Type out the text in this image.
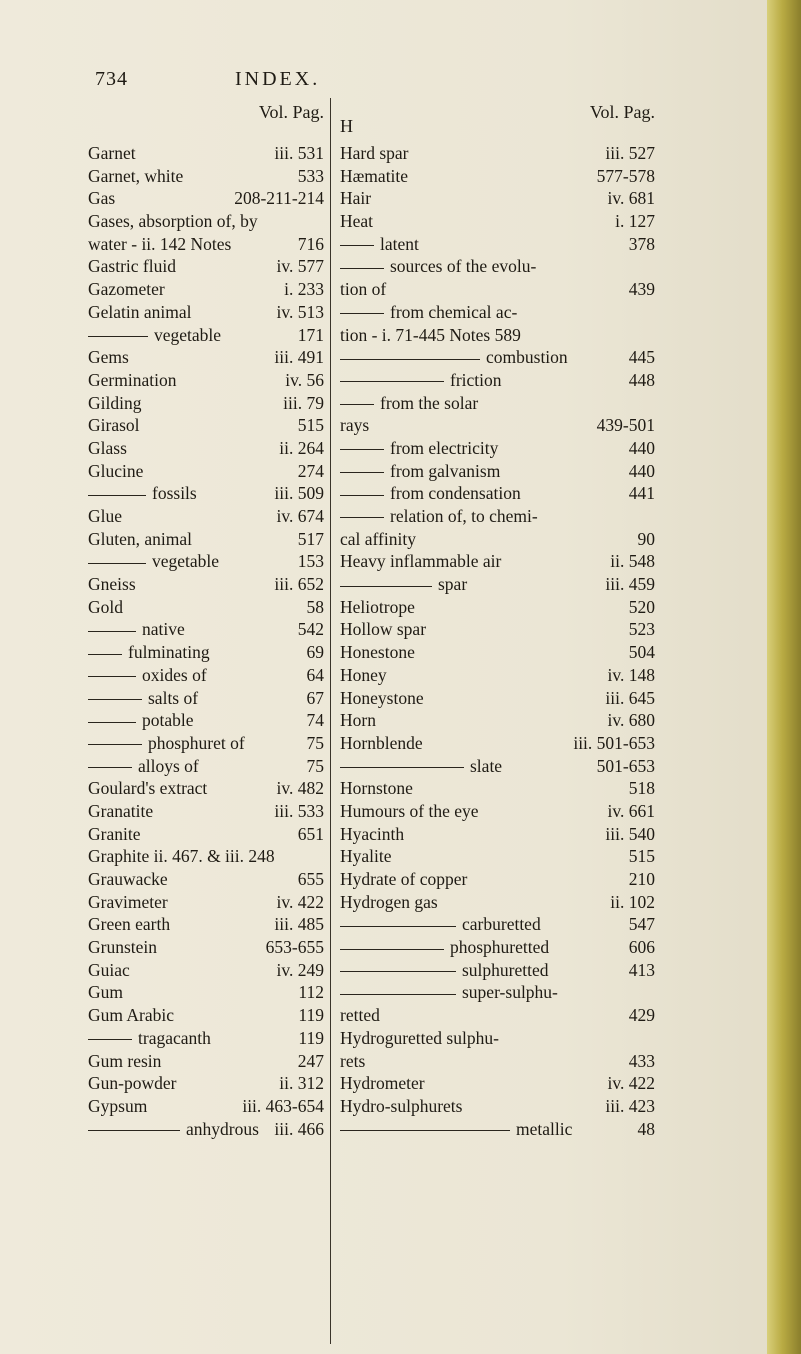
734	INDEX.
Vol. Pag.
Garnet	iii. 531
Garnet, white	533
Gas	208-211-214
Gases, absorption of, by
water - ii. 142 Notes	716
Gastric fluid	iv. 577
Gazometer	i. 233
Gelatin animal	iv. 513
vegetable	171
Gems	iii. 491
Germination	iv. 56
Gilding	iii. 79
Girasol	515
Glass	ii. 264
Glucine	274
fossils	iii. 509
Glue	iv. 674
Gluten, animal	517
vegetable	153
Gneiss	iii. 652
Gold	58
native	542
fulminating	69
oxides of	64
salts of	67
potable	74
phosphuret of	75
alloys of	75
Goulard's extract	iv. 482
Granatite	iii. 533
Granite	651
Graphite ii. 467. & iii. 248
Grauwacke	655
Gravimeter	iv. 422
Green earth	iii. 485
Grunstein	653-655
Guiac	iv. 249
Gum	112
Gum Arabic	119
tragacanth	119
Gum resin	247
Gun-powder	ii. 312
Gypsum	iii. 463-654
anhydrous iii. 466
Vol. Pag.
H
Hard spar	iii. 527
Hæmatite	577-578
Hair	iv. 681
Heat	i. 127
latent	378
sources of the evolu-
tion of	439
from chemical ac-
tion - i. 71-445 Notes 589
combustion	445
friction	448
from the solar
rays	439-501
from electricity	440
from galvanism	440
from condensation	441
relation of, to chemi-
cal affinity	90
Heavy inflammable air	ii. 548
spar	iii. 459
Heliotrope	520
Hollow spar	523
Honestone	504
Honey	iv. 148
Honeystone	iii. 645
Horn	iv. 680
Hornblende	iii. 501-653
slate	501-653
Hornstone	518
Humours of the eye	iv. 661
Hyacinth	iii. 540
Hyalite	515
Hydrate of copper	210
Hydrogen gas	ii. 102
carburetted	547
phosphuretted	606
sulphuretted	413
super-sulphu-
retted	429
Hydroguretted sulphu-
rets	433
Hydrometer	iv. 422
Hydro-sulphurets	iii. 423
metallic	48
